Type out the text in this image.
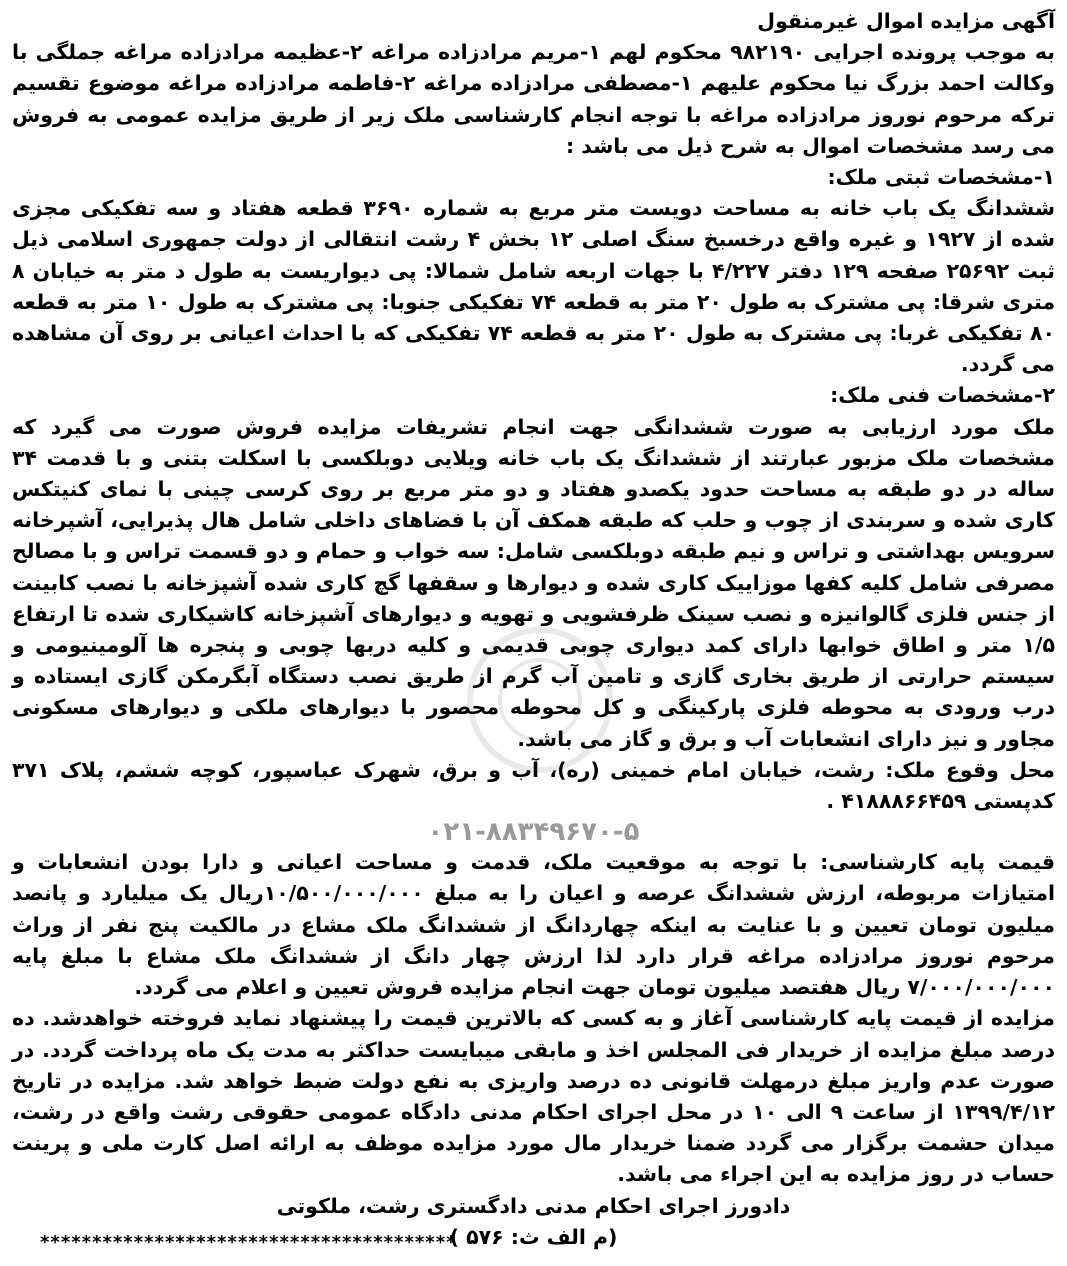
آگهی مزایده اموال غیرمنقول

به موجب پرونده اجرایی ۹۸۲۱۹۰ محکوم لهم ۱-مریم مرادزاده مراغه ۲-عظیمه مرادزاده مراغه جملگی با وکالت احمد بزرگ نیا محکوم علیهم ۱-مصطفی مرادزاده مراغه ۲-فاطمه مرادزاده مراغه موضوع تقسیم ترکه مرحوم نوروز مرادزاده مراغه با توجه انجام کارشناسی ملک زیر از طریق مزایده عمومی به فروش می رسد مشخصات اموال به شرح ذیل می باشد :

۱-مشخصات ثبتی ملک:

ششدانگ یک باب خانه به مساحت دویست متر مربع به شماره ۳۶۹۰ قطعه هفتاد و سه تفکیکی مجزی شده از ۱۹۲۷ و غیره واقع درخسبخ سنگ اصلی ۱۲ بخش ۴ رشت انتقالی از دولت جمهوری اسلامی ذیل ثبت ۲۵۶۹۲ صفحه ۱۲۹ دفتر ۴/۲۲۷ با جهات اربعه شامل شمالا: پی دیواریست به طول د متر به خیابان ۸ متری شرقا: پی مشترک به طول ۲۰ متر به قطعه ۷۴ تفکیکی جنوبا: پی مشترک به طول ۱۰ متر به قطعه ۸۰ تفکیکی غربا: پی مشترک به طول ۲۰ متر به قطعه ۷۴ تفکیکی که با احداث اعیانی بر روی آن مشاهده می گردد.

۲-مشخصات فنی ملک:

ملک مورد ارزیابی به صورت ششدانگی جهت انجام تشریفات مزایده فروش صورت می گیرد که مشخصات ملک مزبور عبارتند از ششدانگ یک باب خانه ویلایی دوبلکسی با اسکلت بتنی و با قدمت ۳۴ ساله در دو طبقه به مساحت حدود یکصدو هفتاد و دو متر مربع بر روی کرسی چینی با نمای کنیتکس کاری شده و سربندی از چوب و حلب که طبقه همکف آن با فضاهای داخلی شامل هال پذیرایی، آشپرخانه سرویس بهداشتی و تراس و نیم طبقه دوبلکسی شامل: سه خواب و حمام و دو قسمت تراس و با مصالح مصرفی شامل کلیه کفها موزاییک کاری شده و دیوارها و سقفها گچ کاری شده آشپزخانه با نصب کابینت از جنس فلزی گالوانیزه و نصب سینک ظرفشویی و تهویه و دیوارهای آشپزخانه کاشیکاری شده تا ارتفاع ۱/۵ متر و اطاق خوابها دارای کمد دیواری چوبی قدیمی و کلیه دربها چوبی و پنجره ها آلومینیومی و سیستم حرارتی از طریق بخاری گازی و تامین آب گرم از طریق نصب دستگاه آبگرمکن گازی ایستاده و درب ورودی به محوطه فلزی پارکینگی و کل محوطه محصور با دیوارهای ملکی و دیوارهای مسکونی مجاور و نیز دارای انشعابات آب و برق و گاز می باشد.

محل وقوع ملک: رشت، خیابان امام خمینی (ره)، آب و برق، شهرک عباسپور، کوچه ششم، پلاک ۳۷۱ کدپستی ۴۱۸۸۸۶۶۴۵۹ .

۰۲۱-۸۸۳۴۹۶۷۰-۵

قیمت پایه کارشناسی: با توجه به موقعیت ملک، قدمت و مساحت اعیانی و دارا بودن انشعابات و امتیازات مربوطه، ارزش ششدانگ عرصه و اعیان را به مبلغ ۱۰/۵۰۰/۰۰۰/۰۰۰ریال یک میلیارد و پانصد میلیون تومان تعیین و با عنایت به اینکه چهاردانگ از ششدانگ ملک مشاع در مالکیت پنج نفر از وراث مرحوم نوروز مرادزاده مراغه قرار دارد لذا ارزش چهار دانگ از ششدانگ ملک مشاع با مبلغ پایه ۷/۰۰۰/۰۰۰/۰۰۰ ریال هفتصد میلیون تومان جهت انجام مزایده فروش تعیین و اعلام می گردد.

مزایده از قیمت پایه کارشناسی آغاز و به کسی که بالاترین قیمت را پیشنهاد نماید فروخته خواهدشد. ده درصد مبلغ مزایده از خریدار فی المجلس اخذ و مابقی میبایست حداکثر به مدت یک ماه پرداخت گردد. در صورت عدم واریز مبلغ درمهلت قانونی ده درصد واریزی به نفع دولت ضبط خواهد شد. مزایده در تاریخ ۱۳۹۹/۴/۱۲ از ساعت ۹ الی ۱۰ در محل اجرای احکام مدنی دادگاه عمومی حقوقی رشت واقع در رشت، میدان حشمت برگزار می گردد ضمنا خریدار مال مورد مزایده موظف به ارائه اصل کارت ملی و پرینت حساب در روز مزایده به این اجراء می باشد.

دادورز اجرای احکام مدنی دادگستری رشت، ملکوتی

(م الف ث: ۵۷۶ )

****************************************
